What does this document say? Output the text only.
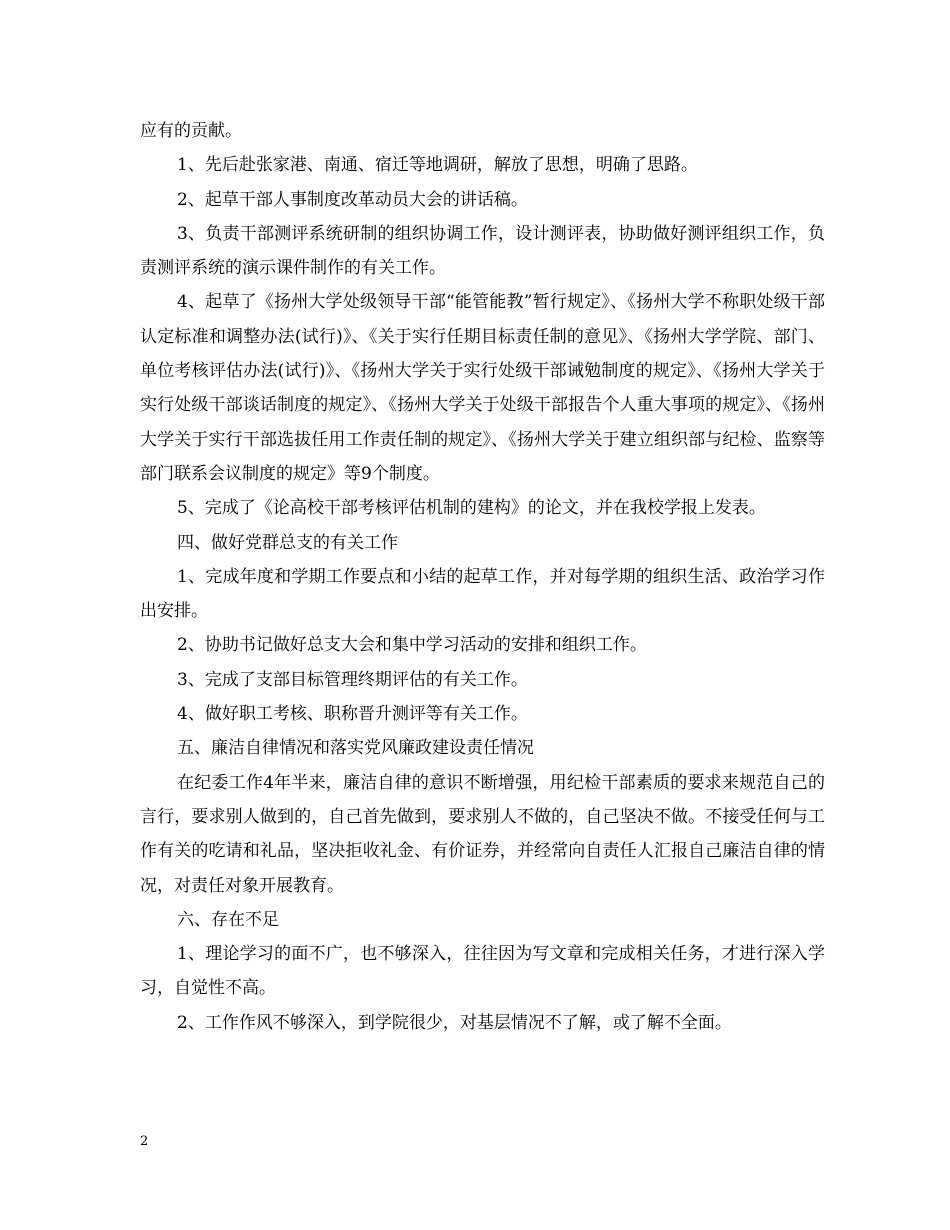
应有的贡献。

1、先后赴张家港、南通、宿迁等地调研，解放了思想，明确了思路。

2、起草干部人事制度改革动员大会的讲话稿。

3、负责干部测评系统研制的组织协调工作，设计测评表，协助做好测评组织工作，负责测评系统的演示课件制作的有关工作。

4、起草了《扬州大学处级领导干部“能管能教”暂行规定》、《扬州大学不称职处级干部认定标准和调整办法(试行)》、《关于实行任期目标责任制的意见》、《扬州大学学院、部门、单位考核评估办法(试行)》、《扬州大学关于实行处级干部诫勉制度的规定》、《扬州大学关于实行处级干部谈话制度的规定》、《扬州大学关于处级干部报告个人重大事项的规定》、《扬州大学关于实行干部选拔任用工作责任制的规定》、《扬州大学关于建立组织部与纪检、监察等部门联系会议制度的规定》等9个制度。

5、完成了《论高校干部考核评估机制的建构》的论文，并在我校学报上发表。

四、做好党群总支的有关工作

1、完成年度和学期工作要点和小结的起草工作，并对每学期的组织生活、政治学习作出安排。

2、协助书记做好总支大会和集中学习活动的安排和组织工作。

3、完成了支部目标管理终期评估的有关工作。

4、做好职工考核、职称晋升测评等有关工作。

五、廉洁自律情况和落实党风廉政建设责任情况

在纪委工作4年半来，廉洁自律的意识不断增强，用纪检干部素质的要求来规范自己的言行，要求别人做到的，自己首先做到，要求别人不做的，自己坚决不做。不接受任何与工作有关的吃请和礼品，坚决拒收礼金、有价证券，并经常向自责任人汇报自己廉洁自律的情况，对责任对象开展教育。

六、存在不足

1、理论学习的面不广，也不够深入，往往因为写文章和完成相关任务，才进行深入学习，自觉性不高。

2、工作作风不够深入，到学院很少，对基层情况不了解，或了解不全面。

2
